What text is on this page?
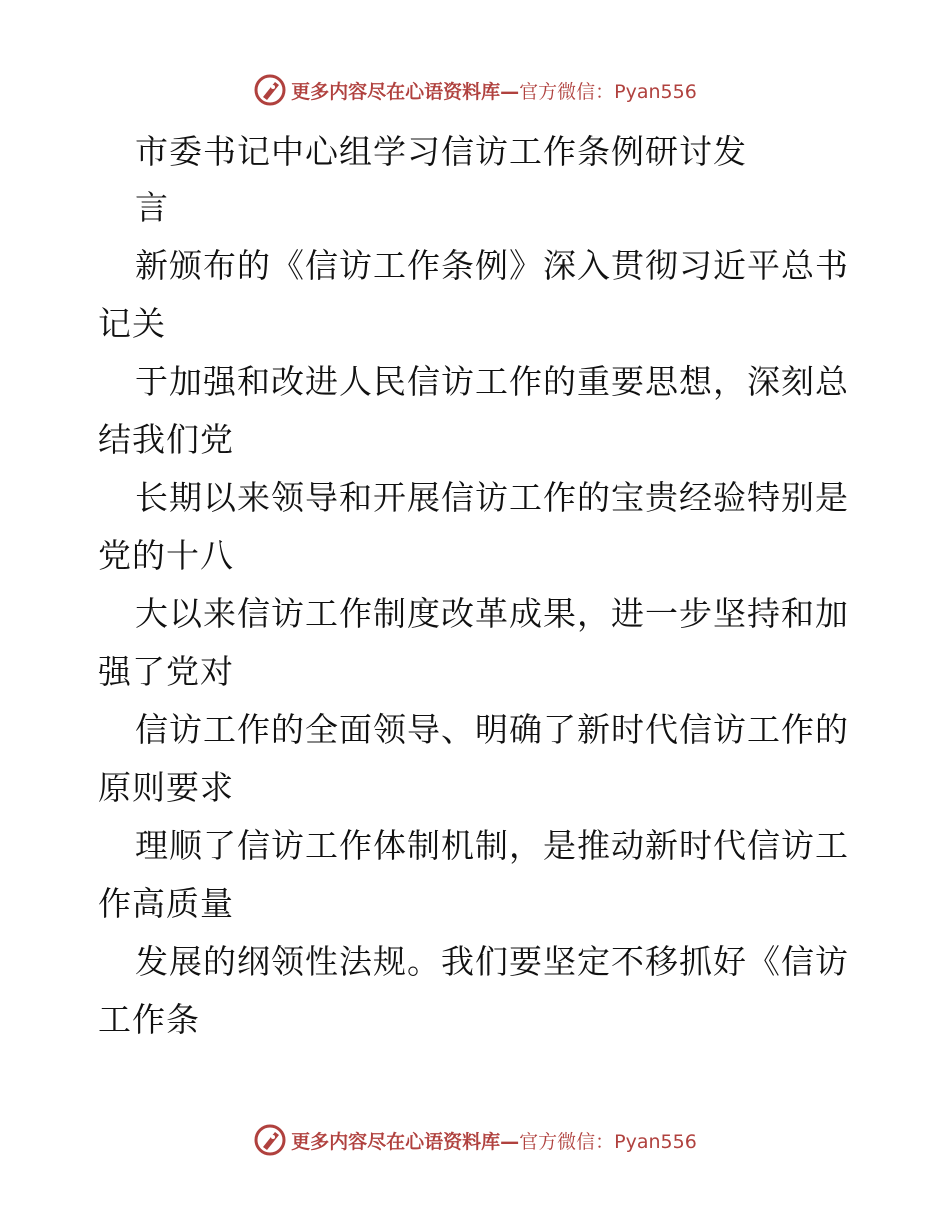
更多内容尽在心语资料库— 官方微信：Pyan556
市委书记中心组学习信访工作条例研讨发
言
新颁布的《信访工作条例》深入贯彻习近平总书
记关
于加强和改进人民信访工作的重要思想，深刻总
结我们党
长期以来领导和开展信访工作的宝贵经验特别是
党的十八
大以来信访工作制度改革成果，进一步坚持和加
强了党对
信访工作的全面领导、明确了新时代信访工作的
原则要求
理顺了信访工作体制机制，是推动新时代信访工
作高质量
发展的纲领性法规。我们要坚定不移抓好《信访
工作条
更多内容尽在心语资料库— 官方微信：Pyan556
